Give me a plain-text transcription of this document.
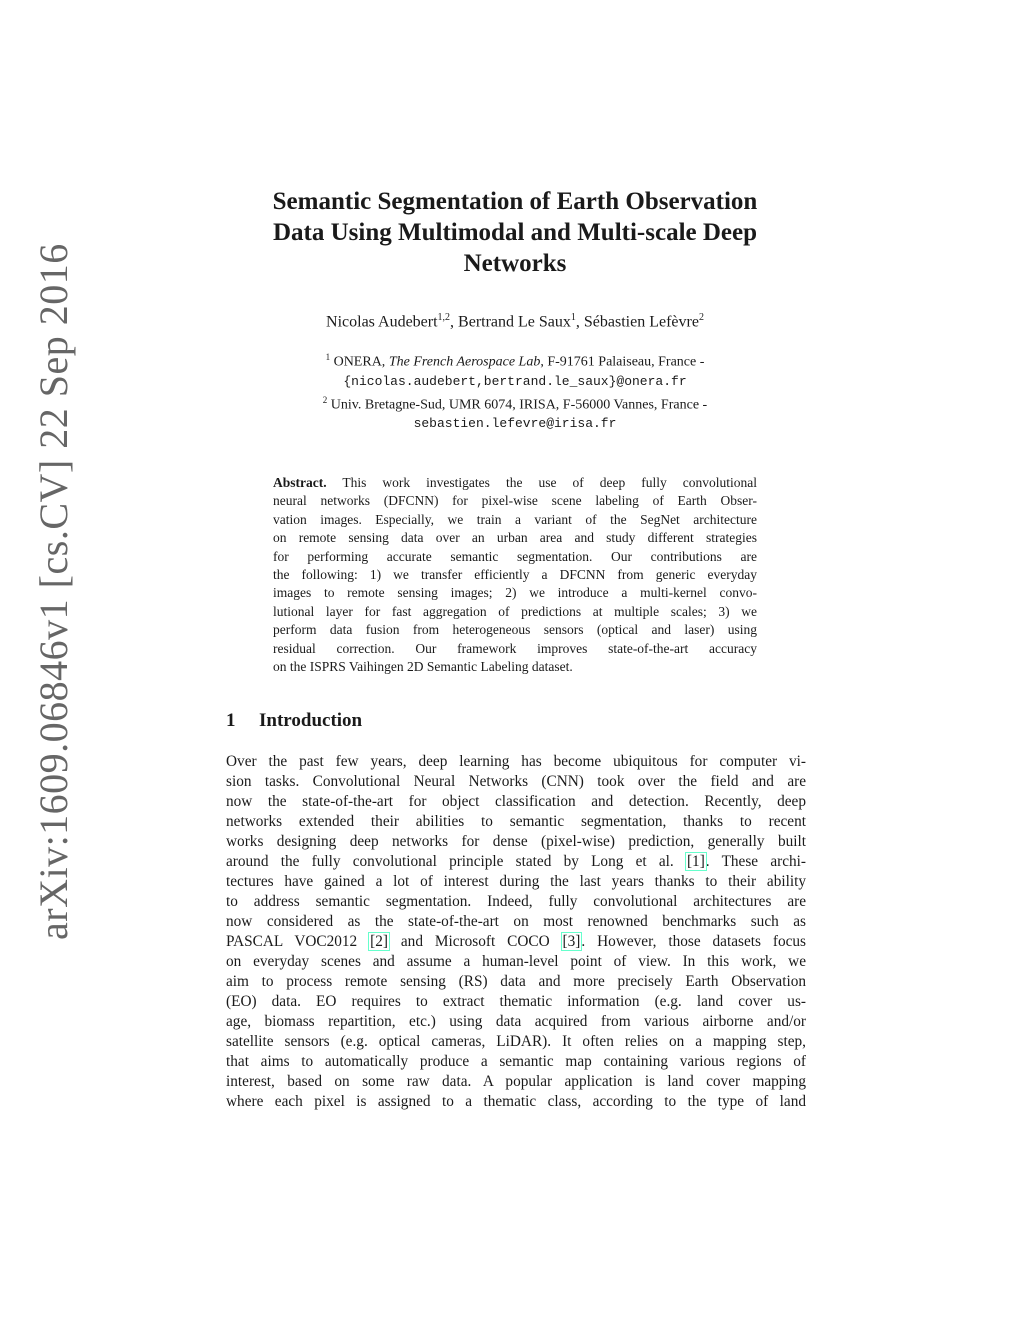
arXiv:1609.06846v1 [cs.CV] 22 Sep 2016
Semantic Segmentation of Earth Observation
Data Using Multimodal and Multi-scale Deep
Networks
Nicolas Audebert$^{1,2}$, Bertrand Le Saux$^1$, Sébastien Lefèvre$^2$
$^1$ ONERA, The French Aerospace Lab, F-91761 Palaiseau, France -
{nicolas.audebert,bertrand.le_saux}@onera.fr
$^2$ Univ. Bretagne-Sud, UMR 6074, IRISA, F-56000 Vannes, France -
sebastien.lefevre@irisa.fr
Abstract. This work investigates the use of deep fully convolutional
neural networks (DFCNN) for pixel-wise scene labeling of Earth Obser-
vation images. Especially, we train a variant of the SegNet architecture
on remote sensing data over an urban area and study different strategies
for performing accurate semantic segmentation. Our contributions are
the following: 1) we transfer efficiently a DFCNN from generic everyday
images to remote sensing images; 2) we introduce a multi-kernel convo-
lutional layer for fast aggregation of predictions at multiple scales; 3) we
perform data fusion from heterogeneous sensors (optical and laser) using
residual correction. Our framework improves state-of-the-art accuracy
on the ISPRS Vaihingen 2D Semantic Labeling dataset.
1 Introduction
Over the past few years, deep learning has become ubiquitous for computer vi-
sion tasks. Convolutional Neural Networks (CNN) took over the field and are
now the state-of-the-art for object classification and detection. Recently, deep
networks extended their abilities to semantic segmentation, thanks to recent
works designing deep networks for dense (pixel-wise) prediction, generally built
around the fully convolutional principle stated by Long et al. [1]. These archi-
tectures have gained a lot of interest during the last years thanks to their ability
to address semantic segmentation. Indeed, fully convolutional architectures are
now considered as the state-of-the-art on most renowned benchmarks such as
PASCAL VOC2012 [2] and Microsoft COCO [3]. However, those datasets focus
on everyday scenes and assume a human-level point of view. In this work, we
aim to process remote sensing (RS) data and more precisely Earth Observation
(EO) data. EO requires to extract thematic information (e.g. land cover us-
age, biomass repartition, etc.) using data acquired from various airborne and/or
satellite sensors (e.g. optical cameras, LiDAR). It often relies on a mapping step,
that aims to automatically produce a semantic map containing various regions of
interest, based on some raw data. A popular application is land cover mapping
where each pixel is assigned to a thematic class, according to the type of land
